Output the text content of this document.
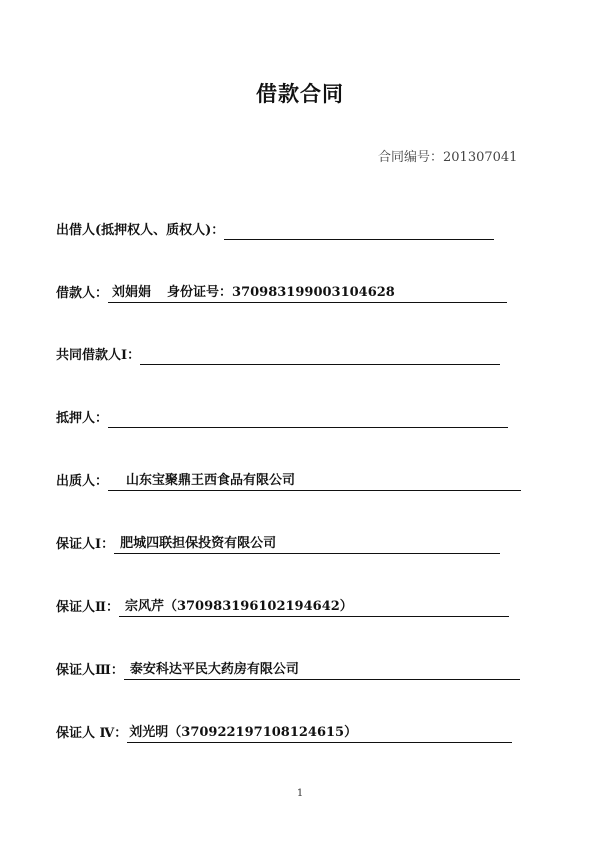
借款合同
合同编号：201307041
出借人(抵押权人、质权人)：
借款人： 刘娟娟 身份证号：370983199003104628
共同借款人Ⅰ：
抵押人：
出质人：	山东宝聚鼎王西食品有限公司
保证人Ⅰ： 肥城四联担保投资有限公司
保证人Ⅱ： 宗风芹（370983196102194642）
保证人Ⅲ： 泰安科达平民大药房有限公司
保证人 Ⅳ： 刘光明（370922197108124615）
1
